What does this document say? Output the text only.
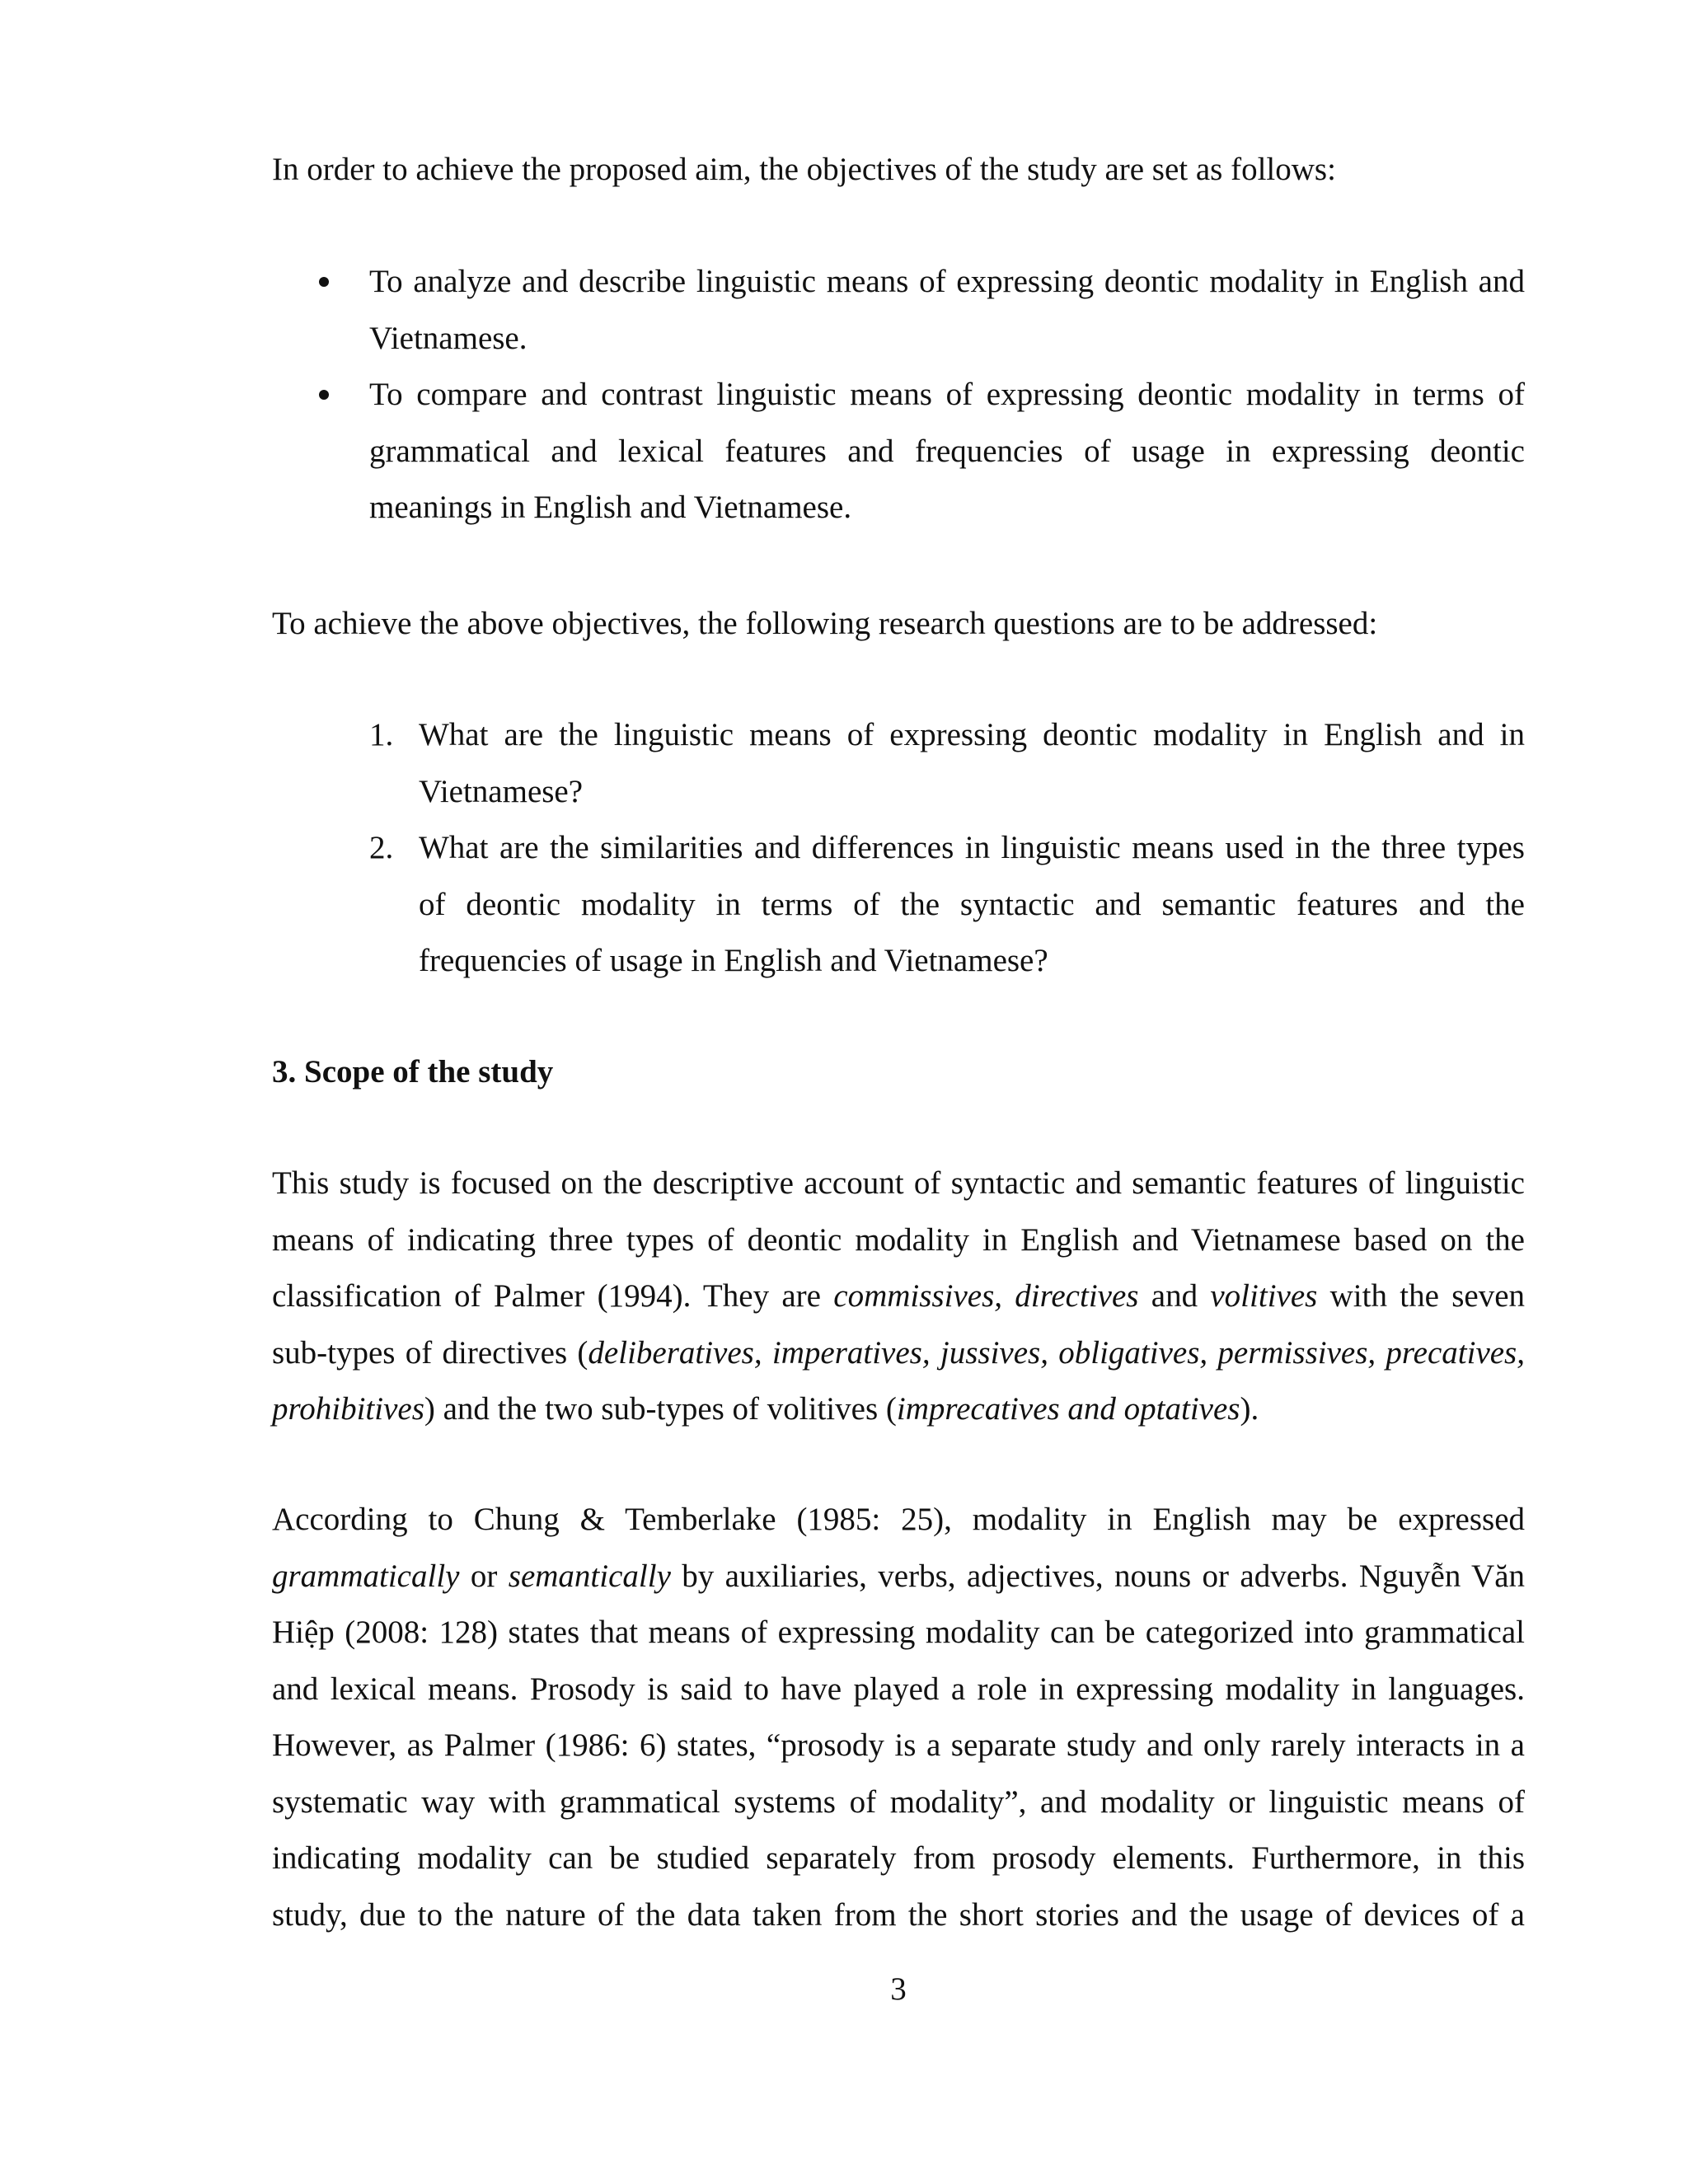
In order to achieve the proposed aim, the objectives of the study are set as follows:

To analyze and describe linguistic means of expressing deontic modality in English and
Vietnamese.
To compare and contrast linguistic means of expressing deontic modality in terms of
grammatical and lexical features and frequencies of usage in expressing deontic
meanings in English and Vietnamese.

To achieve the above objectives, the following research questions are to be addressed:

1. What are the linguistic means of expressing deontic modality in English and in
Vietnamese?
2. What are the similarities and differences in linguistic means used in the three types
of deontic modality in terms of the syntactic and semantic features and the
frequencies of usage in English and Vietnamese?
3. Scope of the study
This study is focused on the descriptive account of syntactic and semantic features of linguistic
means of indicating three types of deontic modality in English and Vietnamese based on the
classification of Palmer (1994). They are commissives, directives and volitives with the seven
sub-types of directives (deliberatives, imperatives, jussives, obligatives, permissives, precatives,
prohibitives) and the two sub-types of volitives (imprecatives and optatives).
According to Chung & Temberlake (1985: 25), modality in English may be expressed
grammatically or semantically by auxiliaries, verbs, adjectives, nouns or adverbs. Nguyễn Văn
Hiệp (2008: 128) states that means of expressing modality can be categorized into grammatical
and lexical means. Prosody is said to have played a role in expressing modality in languages.
However, as Palmer (1986: 6) states, “prosody is a separate study and only rarely interacts in a
systematic way with grammatical systems of modality”, and modality or linguistic means of
indicating modality can be studied separately from prosody elements. Furthermore, in this
study, due to the nature of the data taken from the short stories and the usage of devices of a
3
